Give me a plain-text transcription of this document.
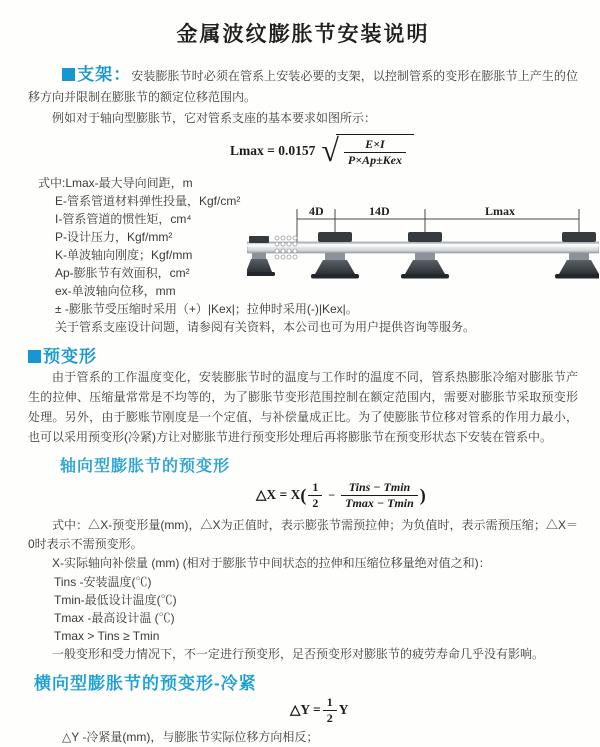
金属波纹膨胀节安装说明

支架：安装膨胀节时必须在管系上安装必要的支架，以控制管系的变形在膨胀节上产生的位移方向并限制在膨胀节的额定位移范围内。

例如对于轴向型膨胀节，它对管系支座的基本要求如图所示：

Lmax = 0.0157 √ $\frac{E\times I}{\text{P×Ap±Kex}}$
式中:Lmax-最大导向间距，m
E-管系管道材料弹性投量，Kgf/cm²
I-管系管道的惯性矩，cm⁴
P-设计压力，Kgf/mm²
K-单波轴向刚度；Kgf/mm
Ap-膨胀节有效面积，cm²
ex-单波轴向位移，mm
± -膨胀节受压缩时采用（+）|Kex|；拉伸时采用(-)|Kex|。
关于管系支座设计问题，请参阅有关资料，本公司也可为用户提供咨询等服务。
4D	14D	Lmax
预变形

由于管系的工作温度变化，安装膨胀节时的温度与工作时的温度不同，管系热膨胀冷缩对膨胀节产生的拉伸、压缩量常常是不均等的，为了膨胀节变形范围控制在额定范围内，需要对膨胀节采取预变形处理。另外，由于膨账节刚度是一个定值，与补偿量成正比。为了使膨胀节位移对管系的作用力最小，也可以采用预变形(冷紧)方让对膨胀节进行预变形处理后再将膨胀节在预变形状态下安装在管系中。

轴向型膨胀节的预变形
△X = X ( $\frac{1}{2} - \frac{\text{Tins − Tmin}}{Tmax - Tmin}$ )

式中：△X-预变形量(mm)，△X为正值时，表示膨张节需预拉伸；为负值时，表示需预压缩；△X＝0时表示不需预变形。

X-实际轴向补偿量 (mm) (相对于膨胀节中间状态的拉伸和压缩位移量绝对值之和)：

Tins -安装温度(℃)
Tmin-最低设计温度(℃)
Tmax -最高设计温 (℃)
Tmax > Tins ≥ Tmin

一般变形和受力情况下，不一定进行预变形，足否预变形对膨胀节的疲劳寿命几乎没有影响。

横向型膨胀节的预变形-冷紧
△Y = $\frac{1}{2}$ Y
△Y -冷紧量(mm)，与膨胀节实际位移方向相反；
